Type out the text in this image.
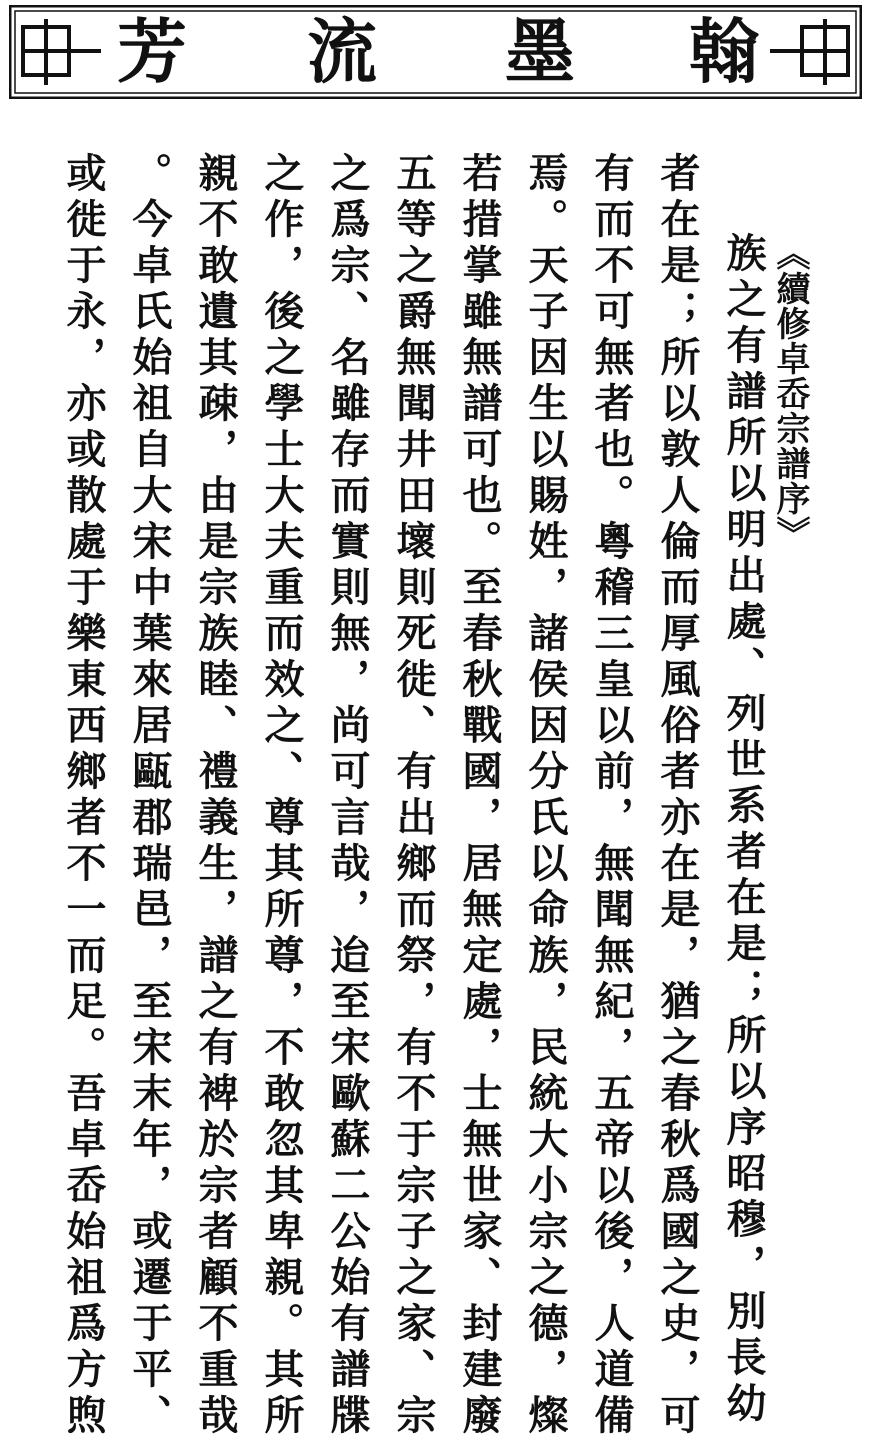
芳 流 墨 翰
《續修卓岙宗譜序》
族之有譜所以明出處、列世系者在是；所以序昭穆，別長幼
者在是；所以敦人倫而厚風俗者亦在是，猶之春秋爲國之史，可
有而不可無者也。粵稽三皇以前，無聞無紀，五帝以後，人道備
焉。天子因生以賜姓，諸侯因分氏以命族，民統大小宗之德，燦
若措掌雖無譜可也。至春秋戰國，居無定處，士無世家、封建廢
五等之爵無聞井田壞則死徙、有出鄉而祭，有不于宗子之家、宗
之爲宗、名雖存而實則無，尚可言哉，迨至宋歐蘇二公始有譜牒
之作，後之學士大夫重而效之、尊其所尊，不敢忽其卑親。其所
親不敢遺其疎，由是宗族睦、禮義生，譜之有裨於宗者顧不重哉
。今卓氏始祖自大宋中葉來居甌郡瑞邑，至宋末年，或遷于平、
或徙于永，亦或散處于樂東西鄉者不一而足。吾卓岙始祖爲方煦
